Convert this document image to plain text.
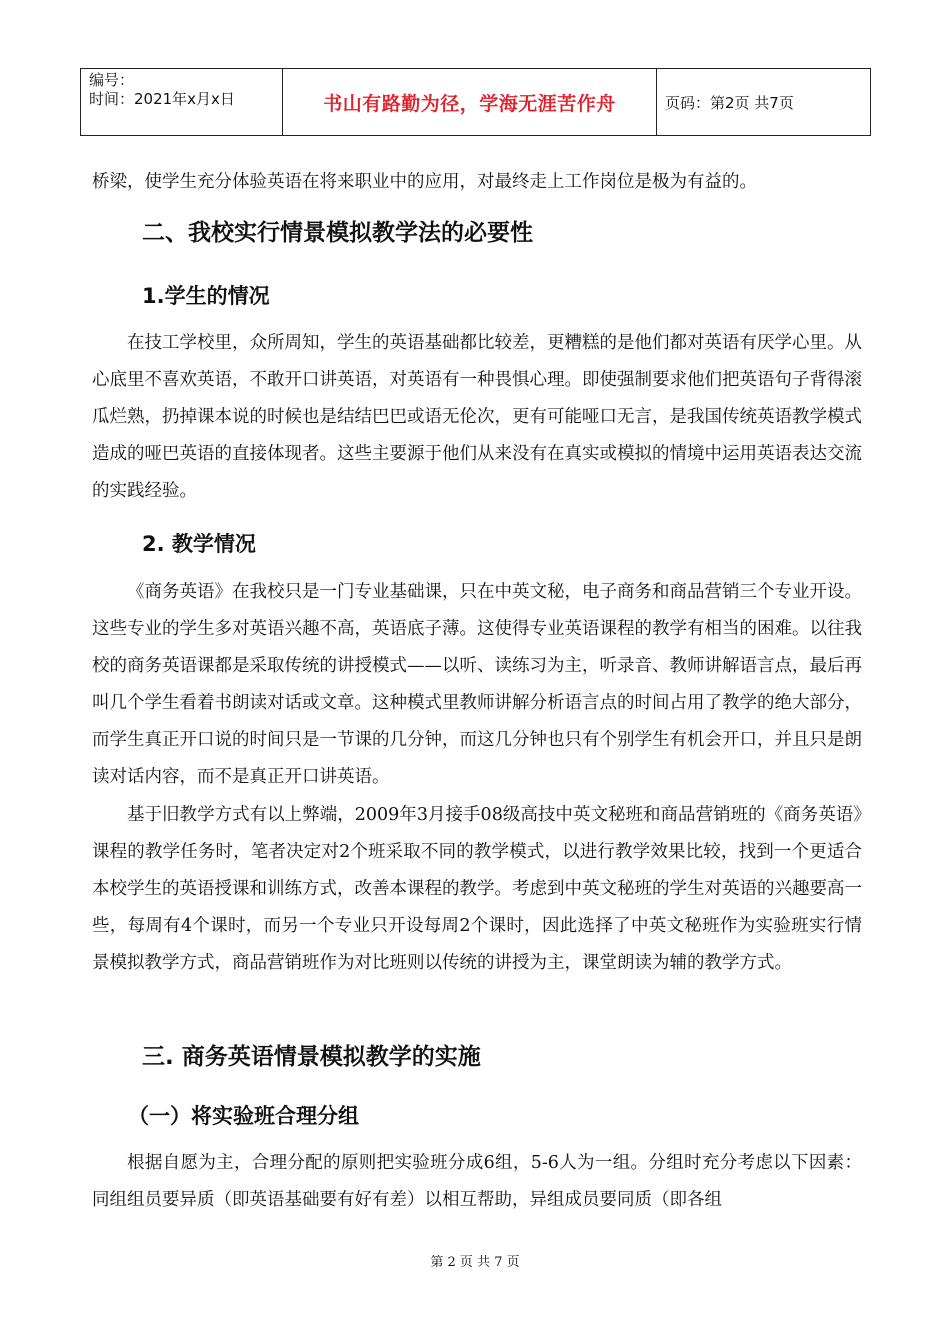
编号：
时间：2021年x月x日	书山有路勤为径，学海无涯苦作舟	页码：第2页 共7页

桥梁，使学生充分体验英语在将来职业中的应用，对最终走上工作岗位是极为有益的。

二、我校实行情景模拟教学法的必要性
1.学生的情况

在技工学校里，众所周知，学生的英语基础都比较差，更糟糕的是他们都对英语有厌学心里。从心底里不喜欢英语，不敢开口讲英语，对英语有一种畏惧心理。即使强制要求他们把英语句子背得滚瓜烂熟，扔掉课本说的时候也是结结巴巴或语无伦次，更有可能哑口无言，是我国传统英语教学模式造成的哑巴英语的直接体现者。这些主要源于他们从来没有在真实或模拟的情境中运用英语表达交流的实践经验。

2. 教学情况

《商务英语》在我校只是一门专业基础课，只在中英文秘，电子商务和商品营销三个专业开设。这些专业的学生多对英语兴趣不高，英语底子薄。这使得专业英语课程的教学有相当的困难。以往我校的商务英语课都是采取传统的讲授模式——以听、读练习为主，听录音、教师讲解语言点，最后再叫几个学生看着书朗读对话或文章。这种模式里教师讲解分析语言点的时间占用了教学的绝大部分，而学生真正开口说的时间只是一节课的几分钟，而这几分钟也只有个别学生有机会开口，并且只是朗读对话内容，而不是真正开口讲英语。

基于旧教学方式有以上弊端，2009年3月接手08级高技中英文秘班和商品营销班的《商务英语》课程的教学任务时，笔者决定对2个班采取不同的教学模式，以进行教学效果比较，找到一个更适合本校学生的英语授课和训练方式，改善本课程的教学。考虑到中英文秘班的学生对英语的兴趣要高一些，每周有4个课时，而另一个专业只开设每周2个课时，因此选择了中英文秘班作为实验班实行情景模拟教学方式，商品营销班作为对比班则以传统的讲授为主，课堂朗读为辅的教学方式。

三. 商务英语情景模拟教学的实施
（一）将实验班合理分组

根据自愿为主，合理分配的原则把实验班分成6组，5-6人为一组。分组时充分考虑以下因素：同组组员要异质（即英语基础要有好有差）以相互帮助，异组成员要同质（即各组

第 2 页 共 7 页
